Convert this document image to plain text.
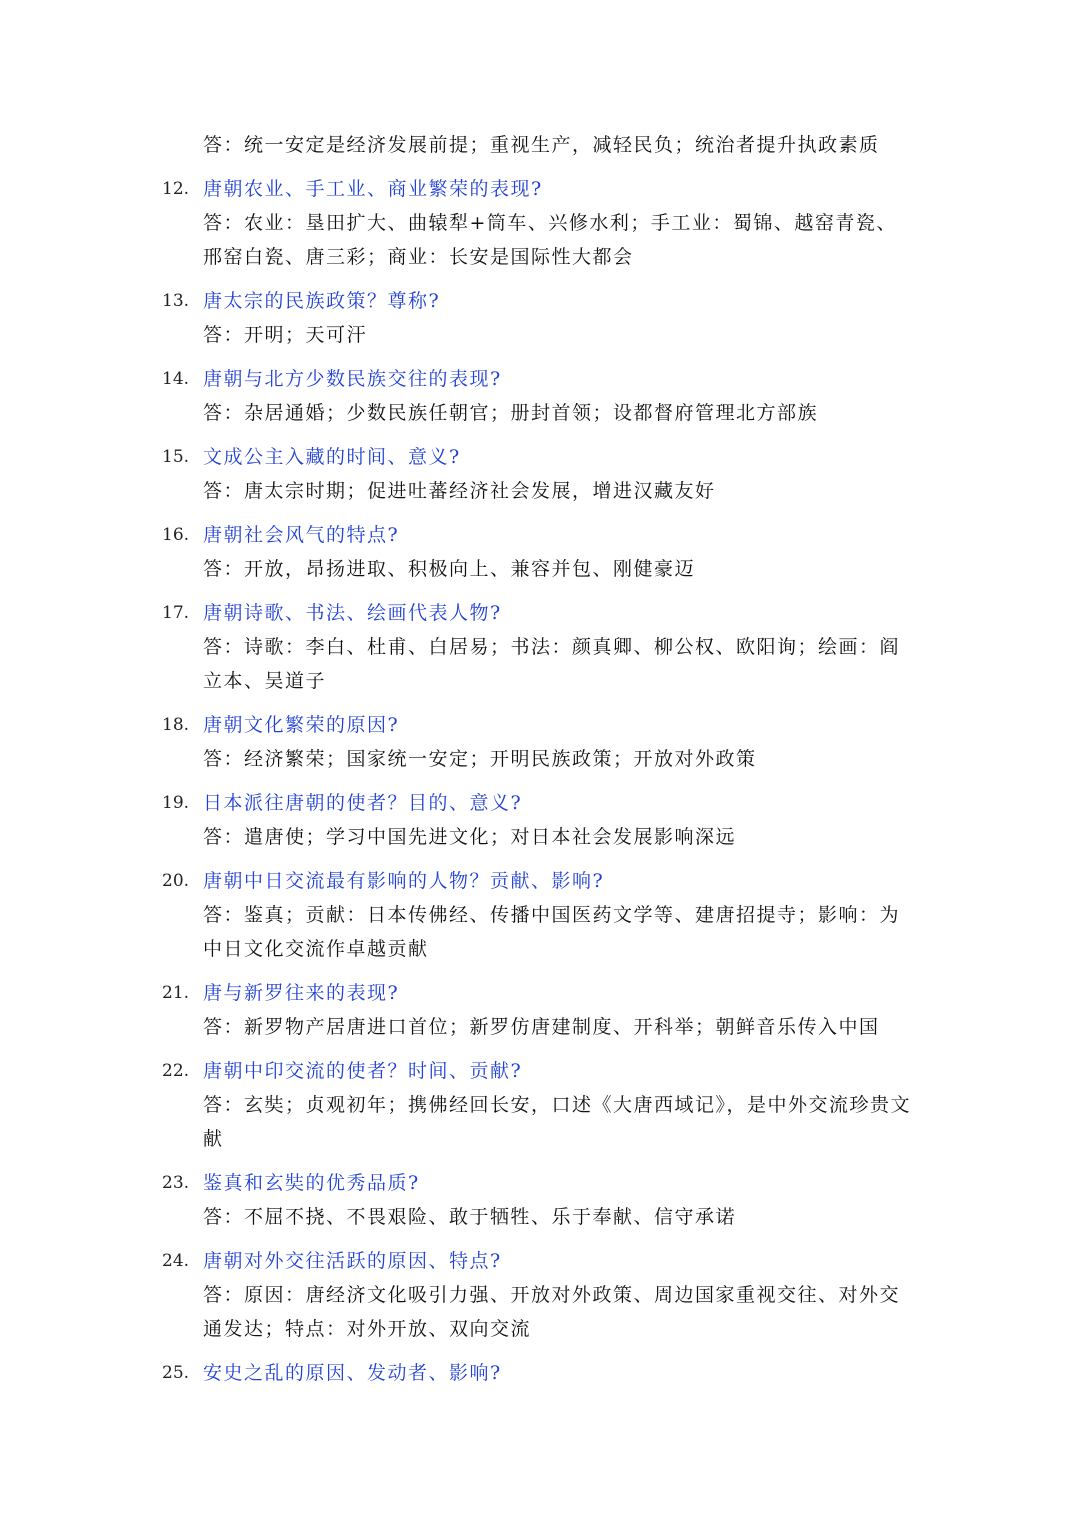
答：统一安定是经济发展前提；重视生产，减轻民负；统治者提升执政素质
12. 唐朝农业、手工业、商业繁荣的表现?
答：农业：垦田扩大、曲辕犁+筒车、兴修水利；手工业：蜀锦、越窑青瓷、邢窑白瓷、唐三彩；商业：长安是国际性大都会
13. 唐太宗的民族政策？尊称?
答：开明；天可汗
14. 唐朝与北方少数民族交往的表现?
答：杂居通婚；少数民族任朝官；册封首领；设都督府管理北方部族
15. 文成公主入藏的时间、意义?
答：唐太宗时期；促进吐蕃经济社会发展，增进汉藏友好
16. 唐朝社会风气的特点?
答：开放，昂扬进取、积极向上、兼容并包、刚健豪迈
17. 唐朝诗歌、书法、绘画代表人物?
答：诗歌：李白、杜甫、白居易；书法：颜真卿、柳公权、欧阳询；绘画：阎立本、吴道子
18. 唐朝文化繁荣的原因?
答：经济繁荣；国家统一安定；开明民族政策；开放对外政策
19. 日本派往唐朝的使者？目的、意义?
答：遣唐使；学习中国先进文化；对日本社会发展影响深远
20. 唐朝中日交流最有影响的人物？贡献、影响?
答：鉴真；贡献：日本传佛经、传播中国医药文学等、建唐招提寺；影响：为中日文化交流作卓越贡献
21. 唐与新罗往来的表现?
答：新罗物产居唐进口首位；新罗仿唐建制度、开科举；朝鲜音乐传入中国
22. 唐朝中印交流的使者？时间、贡献?
答：玄奘；贞观初年；携佛经回长安，口述《大唐西域记》，是中外交流珍贵文献
23. 鉴真和玄奘的优秀品质?
答：不屈不挠、不畏艰险、敢于牺牲、乐于奉献、信守承诺
24. 唐朝对外交往活跃的原因、特点?
答：原因：唐经济文化吸引力强、开放对外政策、周边国家重视交往、对外交通发达；特点：对外开放、双向交流
25. 安史之乱的原因、发动者、影响?
